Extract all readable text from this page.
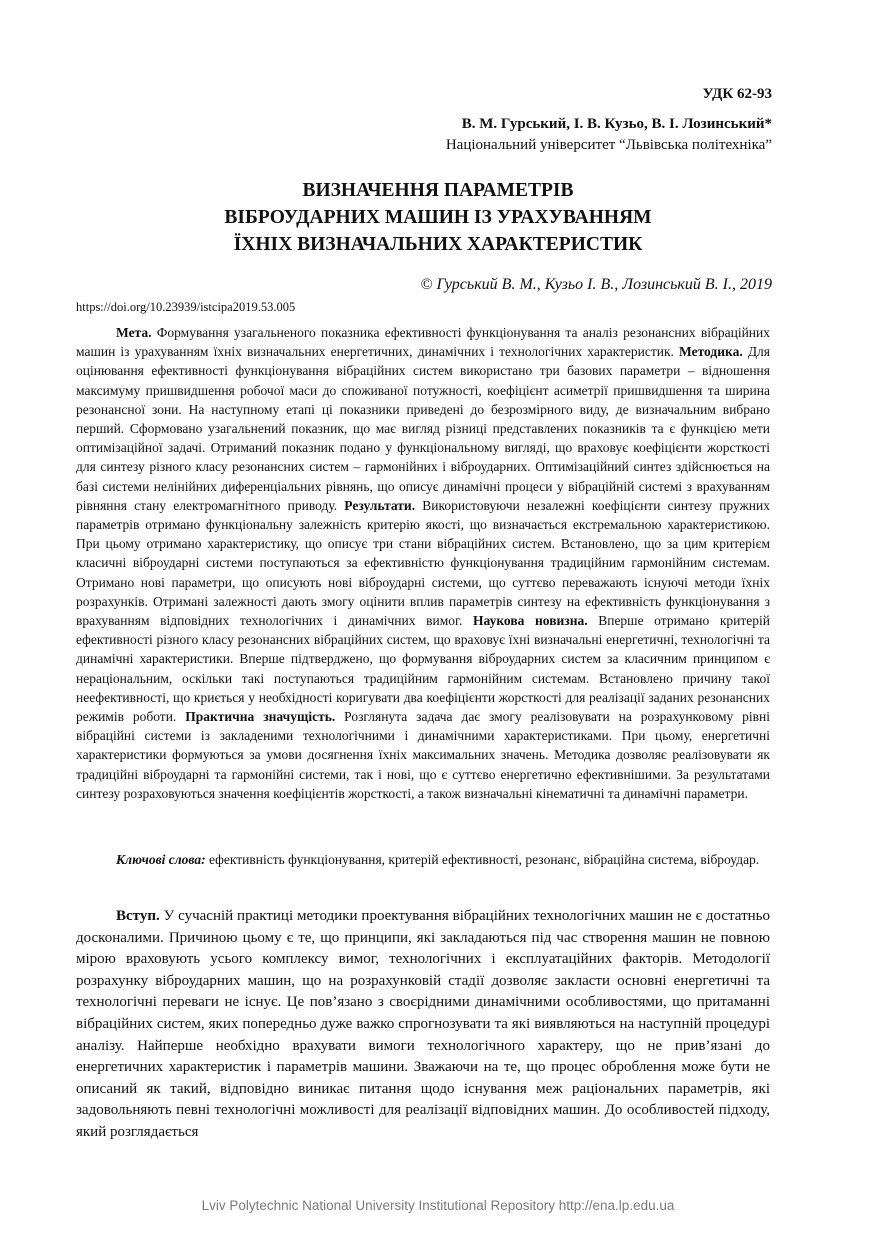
УДК 62-93
В. М. Гурський, І. В. Кузьо, В. І. Лозинський*
Національний університет “Львівська політехніка”
ВИЗНАЧЕННЯ ПАРАМЕТРІВ
ВІБРОУДАРНИХ МАШИН ІЗ УРАХУВАННЯМ
ЇХНІХ ВИЗНАЧАЛЬНИХ ХАРАКТЕРИСТИК
© Гурський В. М., Кузьо І. В., Лозинський В. І., 2019
https://doi.org/10.23939/istcipa2019.53.005

Мета. Формування узагальненого показника ефективності функціонування та аналіз резонансних вібраційних машин із урахуванням їхніх визначальних енергетичних, динамічних і технологічних характеристик. Методика. Для оцінювання ефективності функціонування вібраційних систем використано три базових параметри – відношення максимуму пришвидшення робочої маси до споживаної потужності, коефіцієнт асиметрії пришвидшення та ширина резонансної зони. На наступному етапі ці показники приведені до безрозмірного виду, де визначальним вибрано перший. Сформовано узагальнений показник, що має вигляд різниці представлених показників та є функцією мети оптимізаційної задачі. Отриманий показник подано у функціональному вигляді, що враховує коефіцієнти жорсткості для синтезу різного класу резонансних систем – гармонійних і віброударних. Оптимізаційний синтез здійснюється на базі системи нелінійних диференціальних рівнянь, що описує динамічні процеси у вібраційній системі з врахуванням рівняння стану електромагнітного приводу. Результати. Використовуючи незалежні коефіцієнти синтезу пружних параметрів отримано функціональну залежність критерію якості, що визначається екстремальною характеристикою. При цьому отримано характеристику, що описує три стани вібраційних систем. Встановлено, що за цим критерієм класичні віброударні системи поступаються за ефективністю функціонування традиційним гармонійним системам. Отримано нові параметри, що описують нові віброударні системи, що суттєво переважають існуючі методи їхніх розрахунків. Отримані залежності дають змогу оцінити вплив параметрів синтезу на ефективність функціонування з врахуванням відповідних технологічних і динамічних вимог. Наукова новизна. Вперше отримано критерій ефективності різного класу резонансних вібраційних систем, що враховує їхні визначальні енергетичні, технологічні та динамічні характеристики. Вперше підтверджено, що формування віброударних систем за класичним принципом є нераціональним, оскільки такі поступаються традиційним гармонійним системам. Встановлено причину такої неефективності, що криється у необхідності коригувати два коефіцієнти жорсткості для реалізації заданих резонансних режимів роботи. Практична значущість. Розглянута задача дає змогу реалізовувати на розрахунковому рівні вібраційні системи із закладеними технологічними і динамічними характеристиками. При цьому, енергетичні характеристики формуються за умови досягнення їхніх максимальних значень. Методика дозволяє реалізовувати як традиційні віброударні та гармонійні системи, так і нові, що є суттєво енергетично ефективнішими. За результатами синтезу розраховуються значення коефіцієнтів жорсткості, а також визначальні кінематичні та динамічні параметри.

Ключові слова: ефективність функціонування, критерій ефективності, резонанс, вібраційна система, віброудар.

Вступ. У сучасній практиці методики проектування вібраційних технологічних машин не є достатньо досконалими. Причиною цьому є те, що принципи, які закладаються під час створення машин не повною мірою враховують усього комплексу вимог, технологічних і експлуатаційних факторів. Методології розрахунку віброударних машин, що на розрахунковій стадії дозволяє закласти основні енергетичні та технологічні переваги не існує. Це пов’язано з своєрідними динамічними особливостями, що притаманні вібраційних систем, яких попередньо дуже важко спрогнозувати та які виявляються на наступній процедурі аналізу. Найперше необхідно врахувати вимоги технологічного характеру, що не прив’язані до енергетичних характеристик і параметрів машини. Зважаючи на те, що процес оброблення може бути не описаний як такий, відповідно виникає питання щодо існування меж раціональних параметрів, які задовольняють певні технологічні можливості для реалізації відповідних машин. До особливостей підходу, який розглядається

Lviv Polytechnic National University Institutional Repository http://ena.lp.edu.ua
